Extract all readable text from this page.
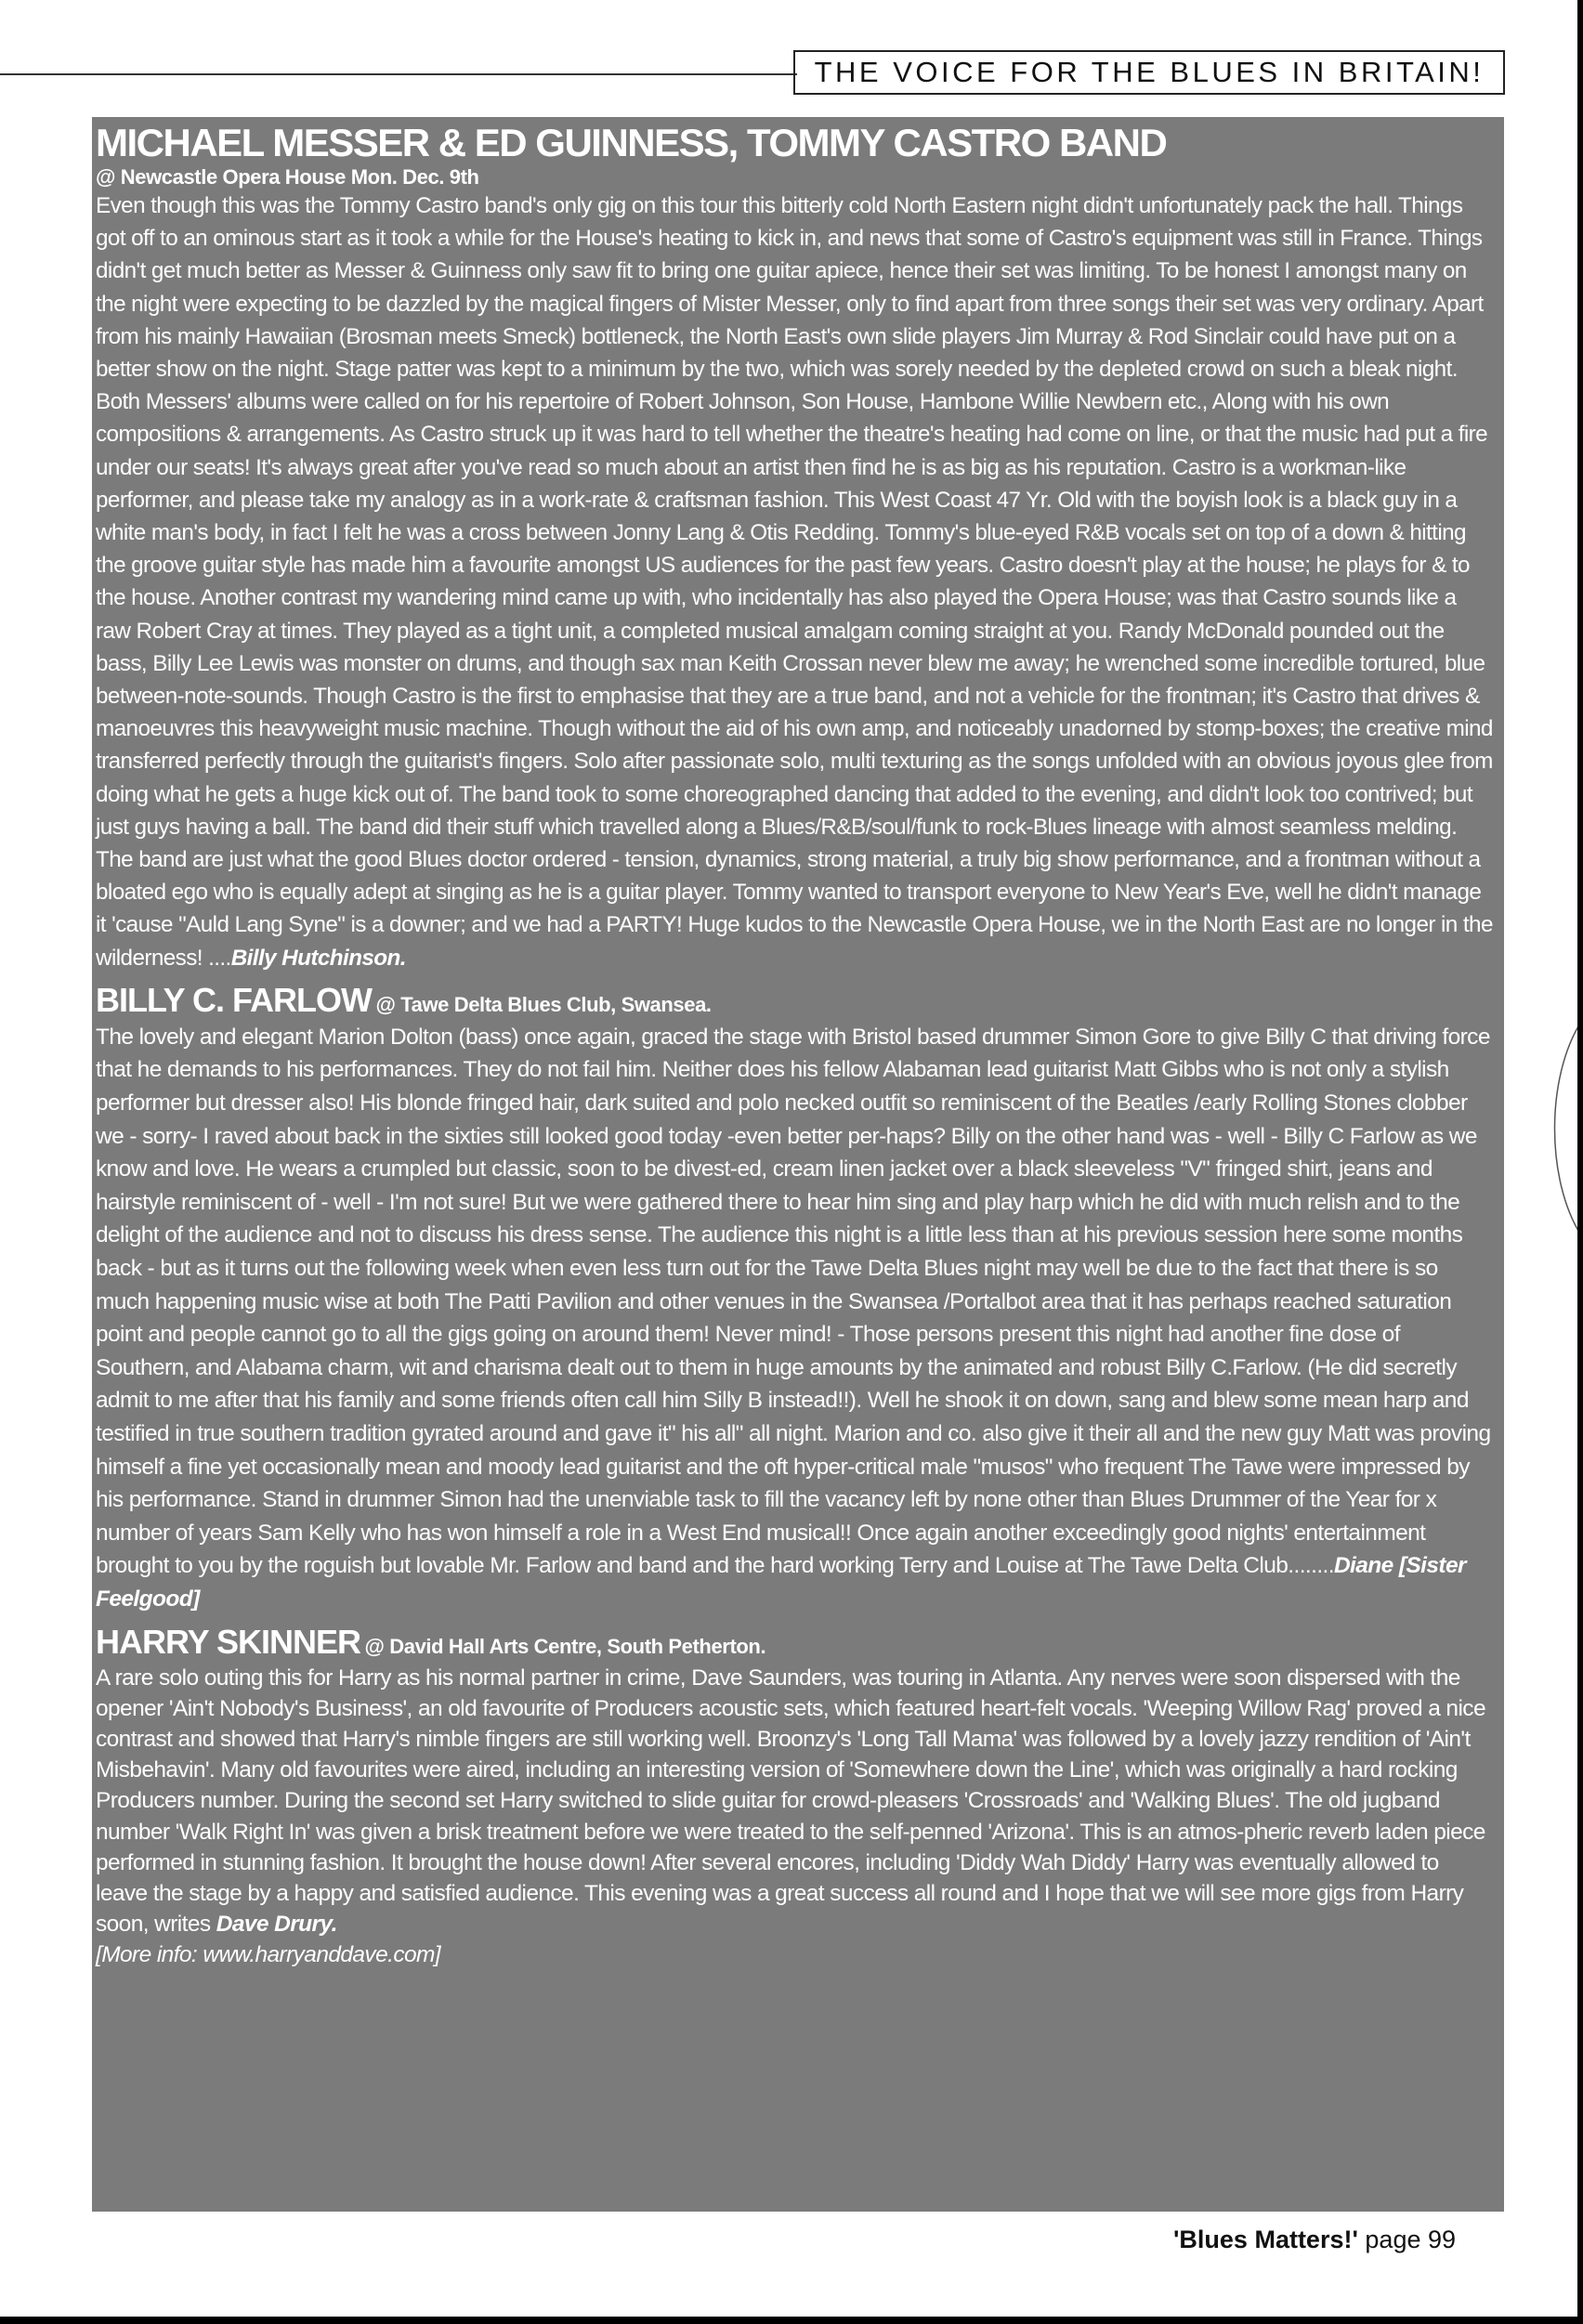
THE VOICE FOR THE BLUES IN BRITAIN!
MICHAEL MESSER & ED GUINNESS, TOMMY CASTRO BAND
@ Newcastle Opera House Mon. Dec. 9th

Even though this was the Tommy Castro band's only gig on this tour this bitterly cold North Eastern night didn't unfortunately pack the hall. Things got off to an ominous start as it took a while for the House's heating to kick in, and news that some of Castro's equipment was still in France. Things didn't get much better as Messer & Guinness only saw fit to bring one guitar apiece, hence their set was limiting. To be honest I amongst many on the night were expecting to be dazzled by the magical fingers of Mister Messer, only to find apart from three songs their set was very ordinary. Apart from his mainly Hawaiian (Brosman meets Smeck) bottleneck, the North East's own slide players Jim Murray & Rod Sinclair could have put on a better show on the night. Stage patter was kept to a minimum by the two, which was sorely needed by the depleted crowd on such a bleak night. Both Messers' albums were called on for his repertoire of Robert Johnson, Son House, Hambone Willie Newbern etc., Along with his own compositions & arrangements. As Castro struck up it was hard to tell whether the theatre's heating had come on line, or that the music had put a fire under our seats! It's always great after you've read so much about an artist then find he is as big as his reputation. Castro is a workman-like performer, and please take my analogy as in a work-rate & craftsman fashion. This West Coast 47 Yr. Old with the boyish look is a black guy in a white man's body, in fact I felt he was a cross between Jonny Lang & Otis Redding. Tommy's blue-eyed R&B vocals set on top of a down & hitting the groove guitar style has made him a favourite amongst US audiences for the past few years. Castro doesn't play at the house; he plays for & to the house. Another contrast my wandering mind came up with, who incidentally has also played the Opera House; was that Castro sounds like a raw Robert Cray at times. They played as a tight unit, a completed musical amalgam coming straight at you. Randy McDonald pounded out the bass, Billy Lee Lewis was monster on drums, and though sax man Keith Crossan never blew me away; he wrenched some incredible tortured, blue between-note-sounds. Though Castro is the first to emphasise that they are a true band, and not a vehicle for the frontman; it's Castro that drives & manoeuvres this heavyweight music machine. Though without the aid of his own amp, and noticeably unadorned by stomp-boxes; the creative mind transferred perfectly through the guitarist's fingers. Solo after passionate solo, multi texturing as the songs unfolded with an obvious joyous glee from doing what he gets a huge kick out of. The band took to some choreographed dancing that added to the evening, and didn't look too contrived; but just guys having a ball. The band did their stuff which travelled along a Blues/R&B/soul/funk to rock-Blues lineage with almost seamless melding. The band are just what the good Blues doctor ordered - tension, dynamics, strong material, a truly big show performance, and a frontman without a bloated ego who is equally adept at singing as he is a guitar player. Tommy wanted to transport everyone to New Year's Eve, well he didn't manage it 'cause "Auld Lang Syne" is a downer; and we had a PARTY! Huge kudos to the Newcastle Opera House, we in the North East are no longer in the wilderness! ....Billy Hutchinson.

BILLY C. FARLOW @ Tawe Delta Blues Club, Swansea.

The lovely and elegant Marion Dolton (bass) once again, graced the stage with Bristol based drummer Simon Gore to give Billy C that driving force that he demands to his performances. They do not fail him. Neither does his fellow Alabaman lead guitarist Matt Gibbs who is not only a stylish performer but dresser also! His blonde fringed hair, dark suited and polo necked outfit so reminiscent of the Beatles /early Rolling Stones clobber we - sorry- I raved about back in the sixties still looked good today -even better per-haps? Billy on the other hand was - well - Billy C Farlow as we know and love. He wears a crumpled but classic, soon to be divest-ed, cream linen jacket over a black sleeveless "V" fringed shirt, jeans and hairstyle reminiscent of - well - I'm not sure! But we were gathered there to hear him sing and play harp which he did with much relish and to the delight of the audience and not to discuss his dress sense. The audience this night is a little less than at his previous session here some months back - but as it turns out the following week when even less turn out for the Tawe Delta Blues night may well be due to the fact that there is so much happening music wise at both The Patti Pavilion and other venues in the Swansea /Portalbot area that it has perhaps reached saturation point and people cannot go to all the gigs going on around them! Never mind! - Those persons present this night had another fine dose of Southern, and Alabama charm, wit and charisma dealt out to them in huge amounts by the animated and robust Billy C.Farlow. (He did secretly admit to me after that his family and some friends often call him Silly B instead!!). Well he shook it on down, sang and blew some mean harp and testified in true southern tradition gyrated around and gave it" his all" all night. Marion and co. also give it their all and the new guy Matt was proving himself a fine yet occasionally mean and moody lead guitarist and the oft hyper-critical male "musos" who frequent The Tawe were impressed by his performance. Stand in drummer Simon had the unenviable task to fill the vacancy left by none other than Blues Drummer of the Year for x number of years Sam Kelly who has won himself a role in a West End musical!! Once again another exceedingly good nights' entertainment brought to you by the roguish but lovable Mr. Farlow and band and the hard working Terry and Louise at The Tawe Delta Club........Diane [Sister Feelgood]

HARRY SKINNER @ David Hall Arts Centre, South Petherton.

A rare solo outing this for Harry as his normal partner in crime, Dave Saunders, was touring in Atlanta. Any nerves were soon dispersed with the opener 'Ain't Nobody's Business', an old favourite of Producers acoustic sets, which featured heart-felt vocals. 'Weeping Willow Rag' proved a nice contrast and showed that Harry's nimble fingers are still working well. Broonzy's 'Long Tall Mama' was followed by a lovely jazzy rendition of 'Ain't Misbehavin'. Many old favourites were aired, including an interesting version of 'Somewhere down the Line', which was originally a hard rocking Producers number. During the second set Harry switched to slide guitar for crowd-pleasers 'Crossroads' and 'Walking Blues'. The old jugband number 'Walk Right In' was given a brisk treatment before we were treated to the self-penned 'Arizona'. This is an atmos-pheric reverb laden piece performed in stunning fashion. It brought the house down! After several encores, including 'Diddy Wah Diddy' Harry was eventually allowed to leave the stage by a happy and satisfied audience. This evening was a great success all round and I hope that we will see more gigs from Harry soon, writes Dave Drury.
[More info: www.harryanddave.com]

'Blues Matters!' page 99
